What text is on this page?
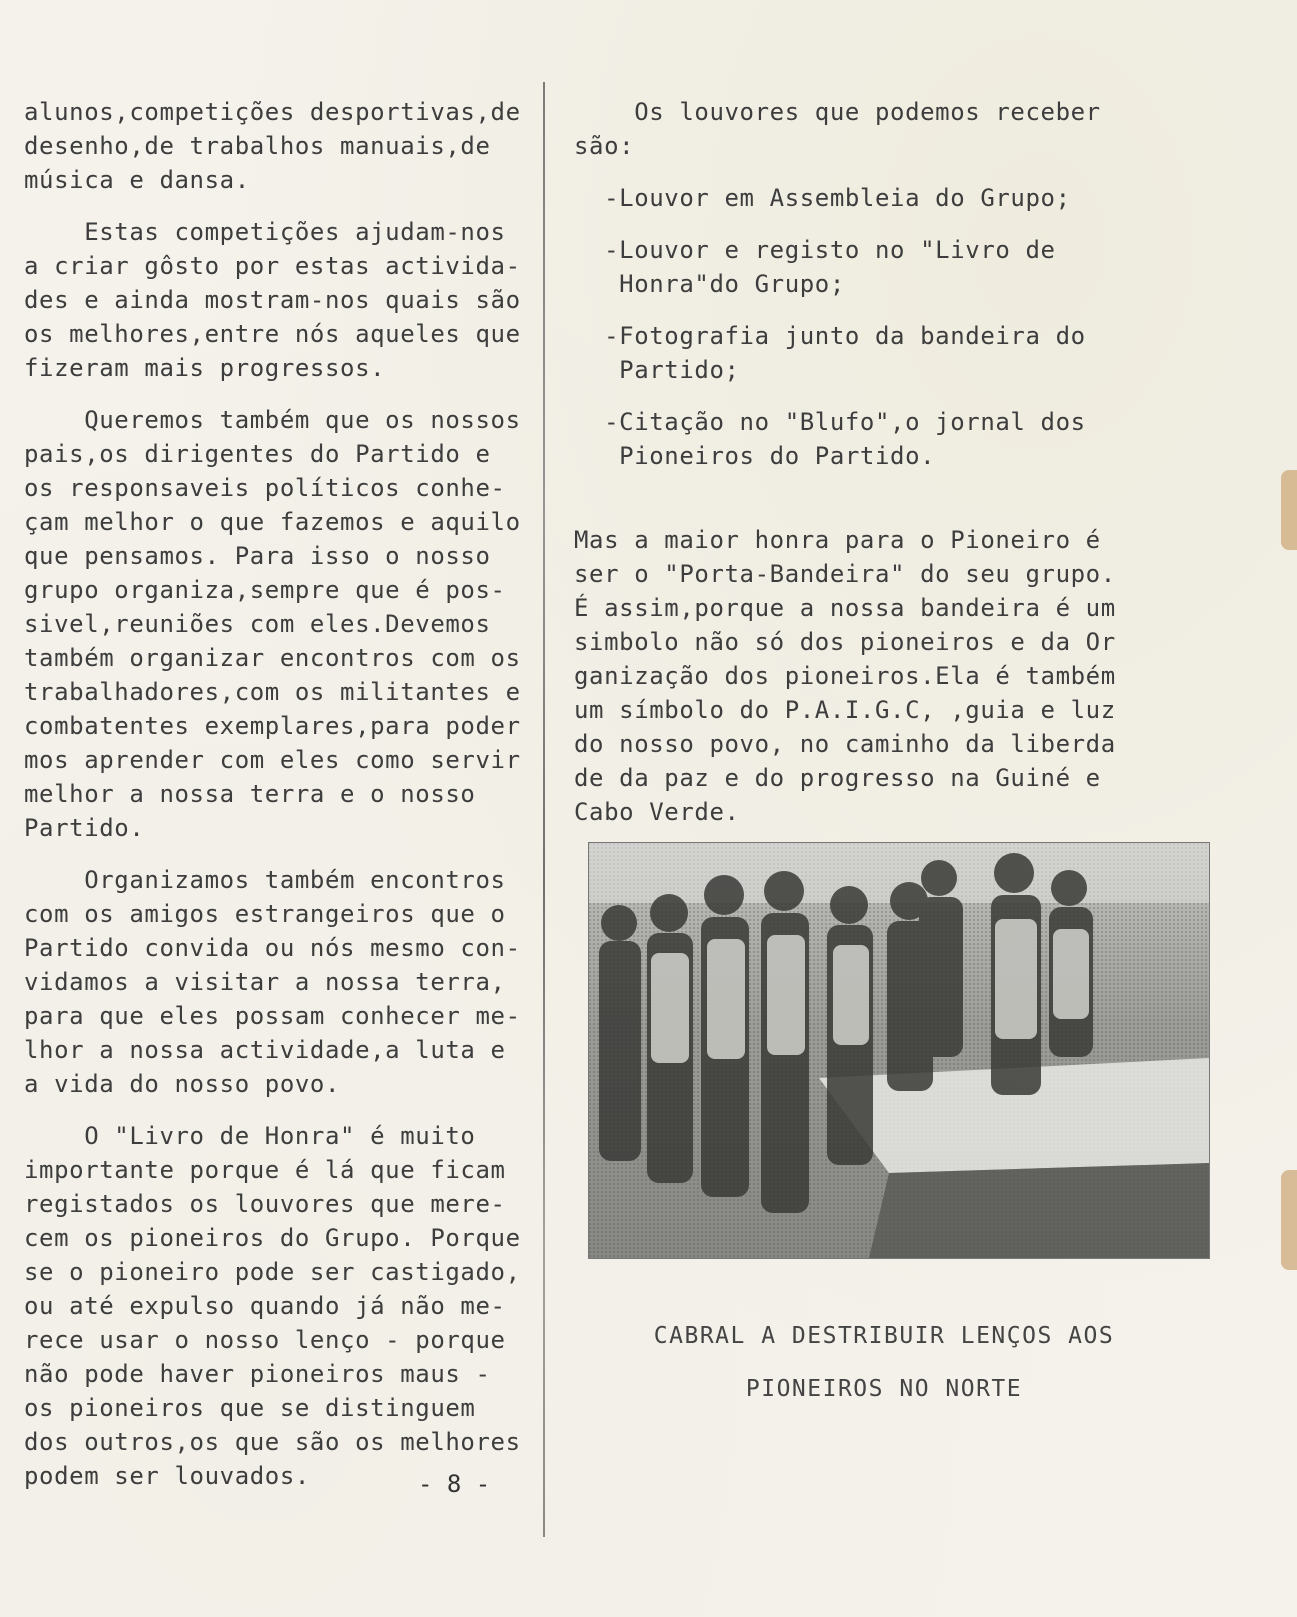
alunos,competições desportivas,de
desenho,de trabalhos manuais,de
música e dansa.
Estas competições ajudam-nos
a criar gôsto por estas activida-
des e ainda mostram-nos quais são
os melhores,entre nós aqueles que
fizeram mais progressos.
Queremos também que os nossos
pais,os dirigentes do Partido e
os responsaveis políticos conhe-
çam melhor o que fazemos e aquilo
que pensamos. Para isso o nosso
grupo organiza,sempre que é pos-
sivel,reuniões com eles.Devemos
também organizar encontros com os
trabalhadores,com os militantes e
combatentes exemplares,para poder
mos aprender com eles como servir
melhor a nossa terra e o nosso
Partido.
Organizamos também encontros
com os amigos estrangeiros que o
Partido convida ou nós mesmo con-
vidamos a visitar a nossa terra,
para que eles possam conhecer me-
lhor a nossa actividade,a luta e
a vida do nosso povo.
O "Livro de Honra" é muito
importante porque é lá que ficam
registados os louvores que mere-
cem os pioneiros do Grupo. Porque
se o pioneiro pode ser castigado,
ou até expulso quando já não me-
rece usar o nosso lenço - porque
não pode haver pioneiros maus -
os pioneiros que se distinguem
dos outros,os que são os melhores
podem ser louvados.	- 8 -
Os louvores que podemos receber
são:
-Louvor em Assembleia do Grupo;
-Louvor e registo no "Livro de
Honra"do Grupo;
-Fotografia junto da bandeira do
Partido;
-Citação no "Blufo",o jornal dos
Pioneiros do Partido.
Mas a maior honra para o Pioneiro é
ser o "Porta-Bandeira" do seu grupo.
É assim,porque a nossa bandeira é um
simbolo não só dos pioneiros e da Or
ganização dos pioneiros.Ela é também
um símbolo do P.A.I.G.C, ,guia e luz
do nosso povo, no caminho da liberda
de da paz e do progresso na Guiné e
Cabo Verde.
CABRAL A DESTRIBUIR LENÇOS AOS
PIONEIROS NO NORTE
